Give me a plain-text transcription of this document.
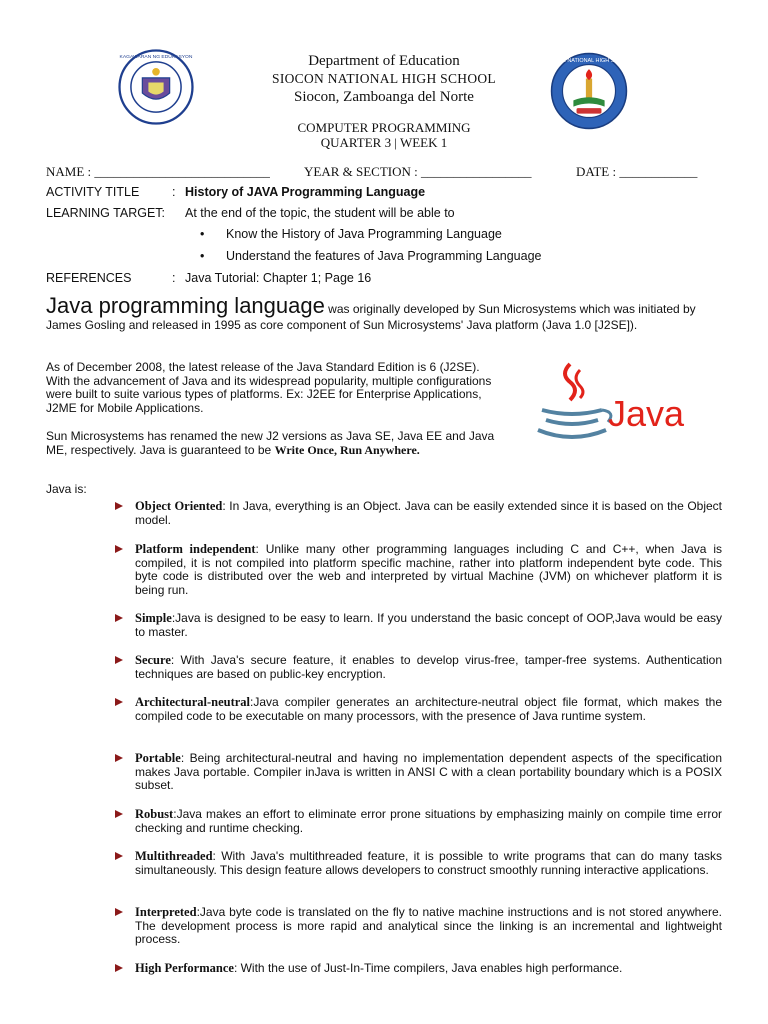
KAGAWARAN NG EDUKASYON
SIOCON NATIONAL HIGH SCHOOL
Department of Education
SIOCON NATIONAL HIGH SCHOOL
Siocon, Zamboanga del Norte
COMPUTER PROGRAMMING
QUARTER 3 | WEEK 1
NAME : ___________________________	YEAR & SECTION : _________________	DATE : ____________
ACTIVITY TITLE	: History of JAVA Programming Language
LEARNING TARGET: At the end of the topic, the student will be able to
• Know the History of Java Programming Language
• Understand the features of Java Programming Language
REFERENCES	: Java Tutorial: Chapter 1; Page 16
Java programming language was originally developed by Sun Microsystems which was initiated by James Gosling and released in 1995 as core component of Sun Microsystems' Java platform (Java 1.0 [J2SE]).
As of December 2008, the latest release of the Java Standard Edition is 6 (J2SE). With the advancement of Java and its widespread popularity, multiple configurations were built to suite various types of platforms. Ex: J2EE for Enterprise Applications, J2ME for Mobile Applications.
Sun Microsystems has renamed the new J2 versions as Java SE, Java EE and Java ME, respectively. Java is guaranteed to be Write Once, Run Anywhere.
Java
Java is:
Object Oriented: In Java, everything is an Object. Java can be easily extended since it is based on the Object model.
Platform independent: Unlike many other programming languages including C and C++, when Java is compiled, it is not compiled into platform specific machine, rather into platform independent byte code. This byte code is distributed over the web and interpreted by virtual Machine (JVM) on whichever platform it is being run.
Simple:Java is designed to be easy to learn. If you understand the basic concept of OOP,Java would be easy to master.
Secure: With Java's secure feature, it enables to develop virus-free, tamper-free systems. Authentication techniques are based on public-key encryption.
Architectural-neutral:Java compiler generates an architecture-neutral object file format, which makes the compiled code to be executable on many processors, with the presence of Java runtime system.
Portable: Being architectural-neutral and having no implementation dependent aspects of the specification makes Java portable. Compiler inJava is written in ANSI C with a clean portability boundary which is a POSIX subset.
Robust:Java makes an effort to eliminate error prone situations by emphasizing mainly on compile time error checking and runtime checking.
Multithreaded: With Java's multithreaded feature, it is possible to write programs that can do many tasks simultaneously. This design feature allows developers to construct smoothly running interactive applications.
Interpreted:Java byte code is translated on the fly to native machine instructions and is not stored anywhere. The development process is more rapid and analytical since the linking is an incremental and lightweight process.
High Performance: With the use of Just-In-Time compilers, Java enables high performance.
